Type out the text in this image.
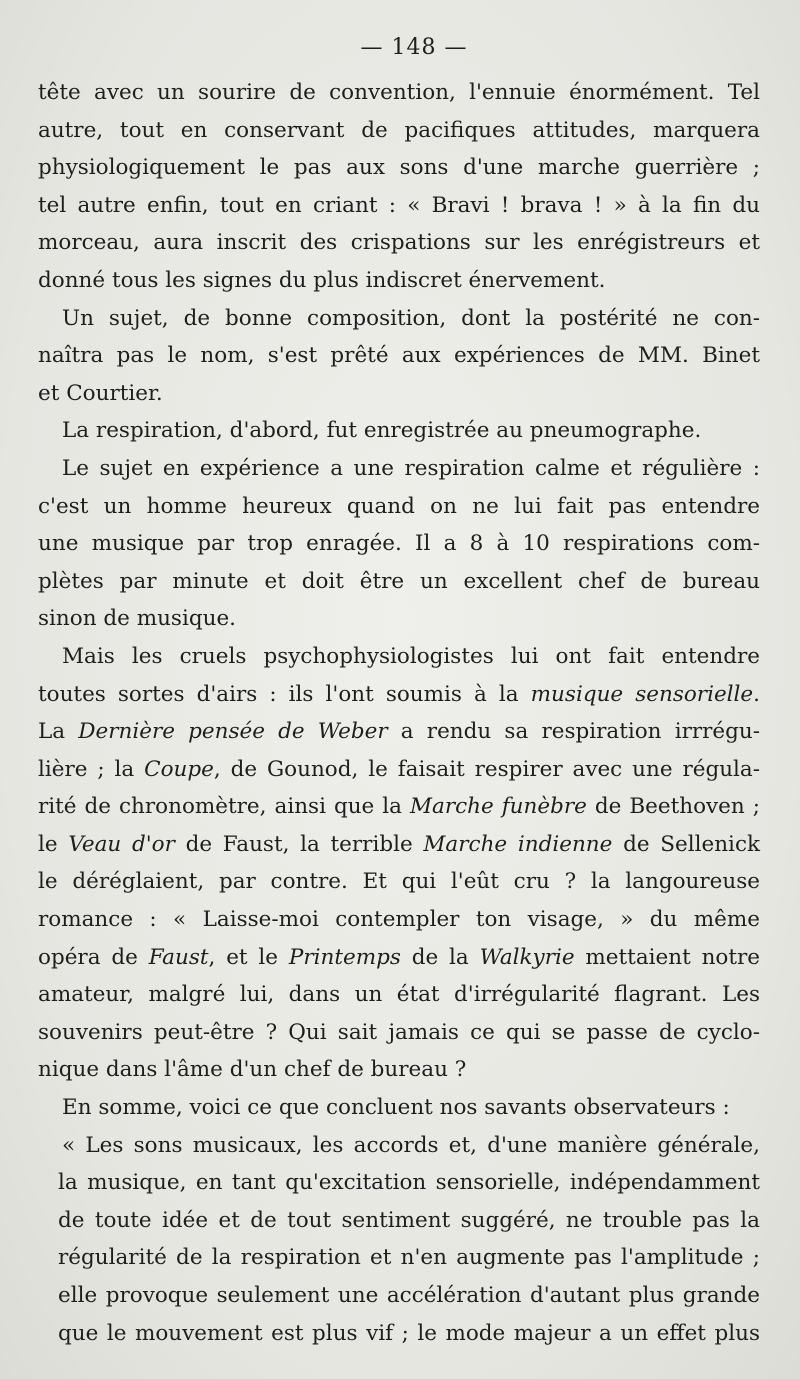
— 148 —
tête avec un sourire de convention, l'ennuie énormément. Tel
autre, tout en conservant de pacifiques attitudes, marquera
physiologiquement le pas aux sons d'une marche guerrière ;
tel autre enfin, tout en criant : « Bravi ! brava ! » à la fin du
morceau, aura inscrit des crispations sur les enrégistreurs et
donné tous les signes du plus indiscret énervement.
Un sujet, de bonne composition, dont la postérité ne con-
naîtra pas le nom, s'est prêté aux expériences de MM. Binet
et Courtier.
La respiration, d'abord, fut enregistrée au pneumographe.
Le sujet en expérience a une respiration calme et régulière :
c'est un homme heureux quand on ne lui fait pas entendre
une musique par trop enragée. Il a 8 à 10 respirations com-
plètes par minute et doit être un excellent chef de bureau
sinon de musique.
Mais les cruels psychophysiologistes lui ont fait entendre
toutes sortes d'airs : ils l'ont soumis à la musique sensorielle.
La Dernière pensée de Weber a rendu sa respiration irrrégu-
lière ; la Coupe, de Gounod, le faisait respirer avec une régula-
rité de chronomètre, ainsi que la Marche funèbre de Beethoven ;
le Veau d'or de Faust, la terrible Marche indienne de Sellenick
le déréglaient, par contre. Et qui l'eût cru ? la langoureuse
romance : « Laisse-moi contempler ton visage, » du même
opéra de Faust, et le Printemps de la Walkyrie mettaient notre
amateur, malgré lui, dans un état d'irrégularité flagrant. Les
souvenirs peut-être ? Qui sait jamais ce qui se passe de cyclo-
nique dans l'âme d'un chef de bureau ?
En somme, voici ce que concluent nos savants observateurs :
« Les sons musicaux, les accords et, d'une manière générale,
la musique, en tant qu'excitation sensorielle, indépendamment
de toute idée et de tout sentiment suggéré, ne trouble pas la
régularité de la respiration et n'en augmente pas l'amplitude ;
elle provoque seulement une accélération d'autant plus grande
que le mouvement est plus vif ; le mode majeur a un effet plus
